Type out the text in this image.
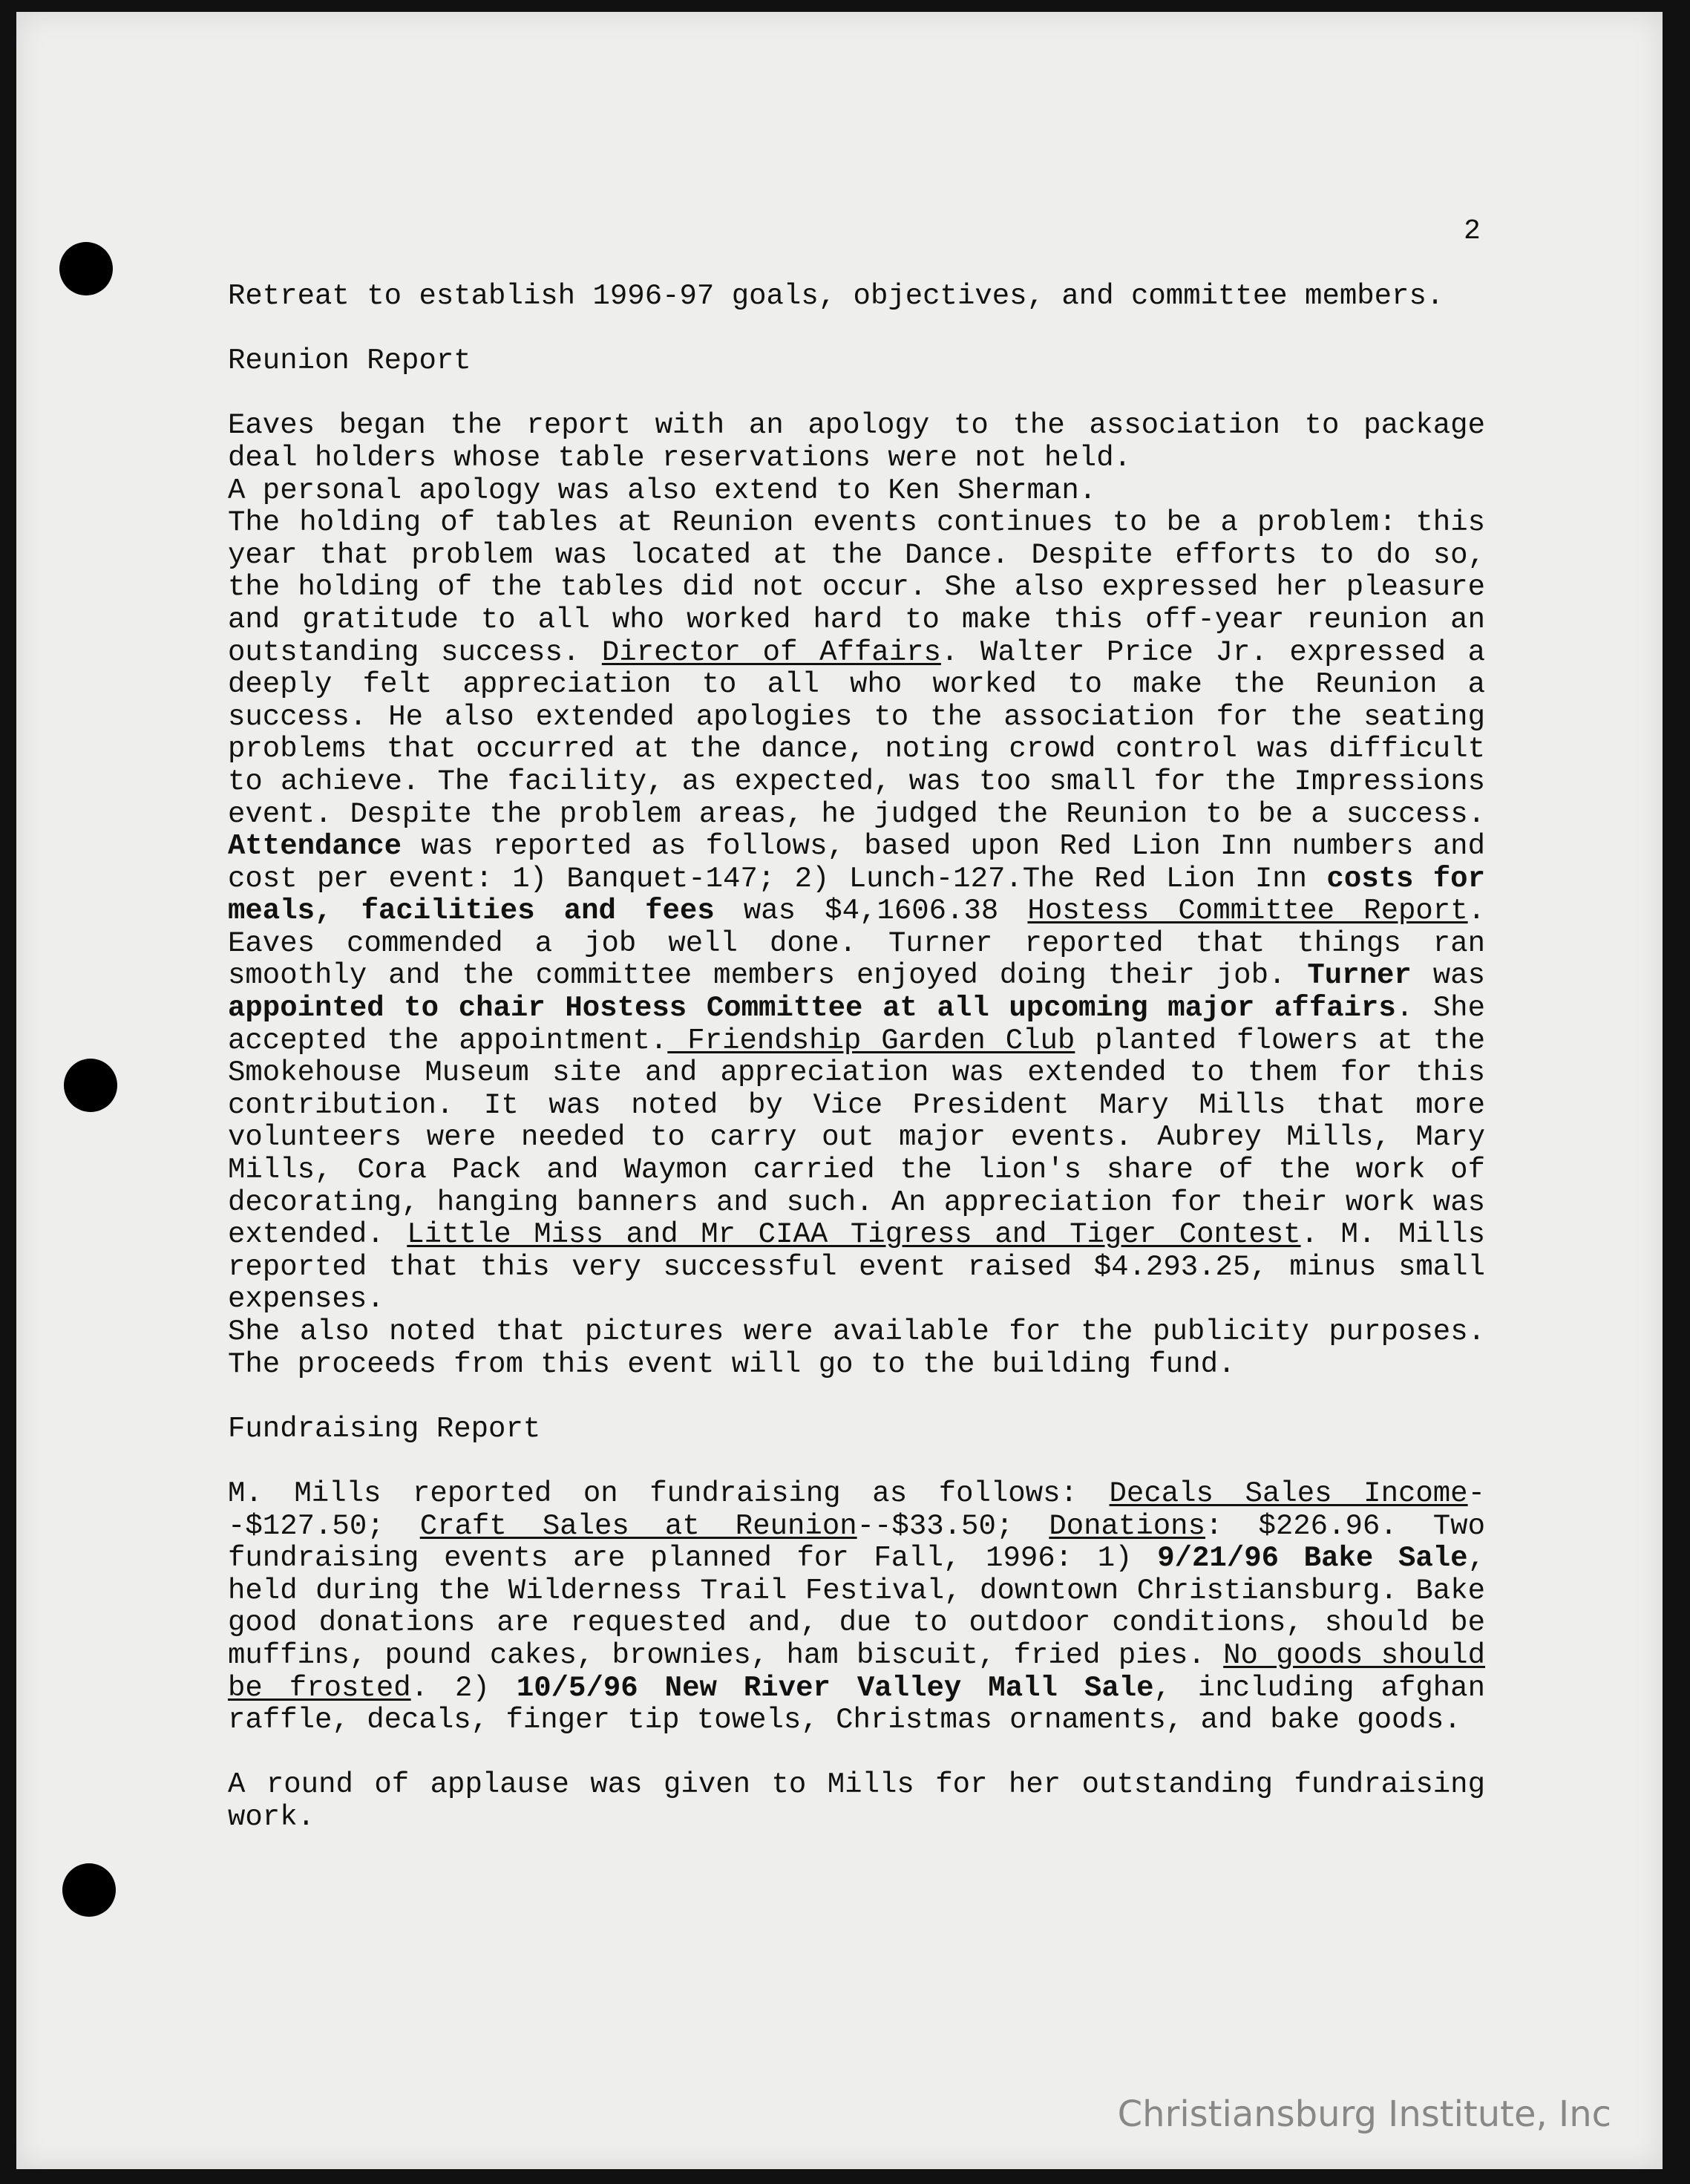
2

Retreat to establish 1996-97 goals, objectives, and committee members.

Reunion Report

Eaves began the report with an apology to the association to package deal holders whose table reservations were not held.

A personal apology was also extend to Ken Sherman.

The holding of tables at Reunion events continues to be a problem: this year that problem was located at the Dance. Despite efforts to do so, the holding of the tables did not occur. She also expressed her pleasure and gratitude to all who worked hard to make this off-year reunion an outstanding success. Director of Affairs. Walter Price Jr. expressed a deeply felt appreciation to all who worked to make the Reunion a success. He also extended apologies to the association for the seating problems that occurred at the dance, noting crowd control was difficult to achieve. The facility, as expected, was too small for the Impressions event. Despite the problem areas, he judged the Reunion to be a success. Attendance was reported as follows, based upon Red Lion Inn numbers and cost per event: 1) Banquet-147; 2) Lunch-127.The Red Lion Inn costs for meals, facilities and fees was $4,1606.38 Hostess Committee Report. Eaves commended a job well done. Turner reported that things ran smoothly and the committee members enjoyed doing their job. Turner was appointed to chair Hostess Committee at all upcoming major affairs. She accepted the appointment. Friendship Garden Club planted flowers at the Smokehouse Museum site and appreciation was extended to them for this contribution. It was noted by Vice President Mary Mills that more volunteers were needed to carry out major events. Aubrey Mills, Mary Mills, Cora Pack and Waymon carried the lion's share of the work of decorating, hanging banners and such. An appreciation for their work was extended. Little Miss and Mr CIAA Tigress and Tiger Contest. M. Mills reported that this very successful event raised $4.293.25, minus small expenses.

She also noted that pictures were available for the publicity purposes. The proceeds from this event will go to the building fund.

Fundraising Report

M. Mills reported on fundraising as follows: Decals Sales Income--$127.50; Craft Sales at Reunion--$33.50; Donations: $226.96. Two fundraising events are planned for Fall, 1996: 1) 9/21/96 Bake Sale, held during the Wilderness Trail Festival, downtown Christiansburg. Bake good donations are requested and, due to outdoor conditions, should be muffins, pound cakes, brownies, ham biscuit, fried pies. No goods should be frosted. 2) 10/5/96 New River Valley Mall Sale, including afghan raffle, decals, finger tip towels, Christmas ornaments, and bake goods.

A round of applause was given to Mills for her outstanding fundraising work.

Christiansburg Institute, Inc
